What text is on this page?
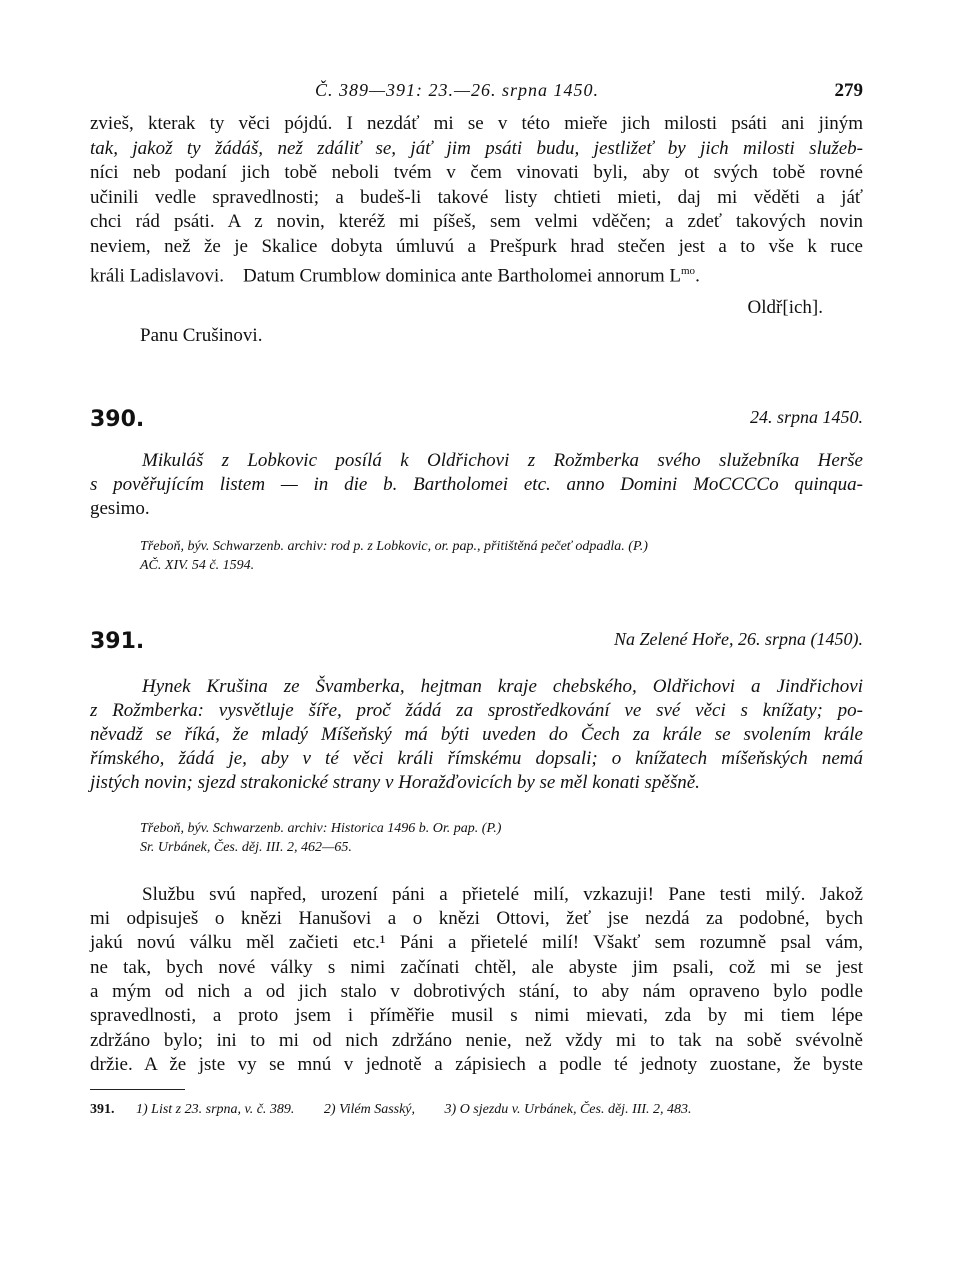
Č. 389—391: 23.—26. srpna 1450.	279
zvieš, kterak ty věci pójdú. I nezdáť mi se v této mieře jich milosti psáti ani jiným
tak, jakož ty žádáš, než zdáliť se, jáť jim psáti budu, jestližeť by jich milosti služeb-
níci neb podaní jich tobě neboli tvém v čem vinovati byli, aby ot svých tobě rovné
učinili vedle spravedlnosti; a budeš-li takové listy chtieti mieti, daj mi věděti a jáť
chci rád psáti. A z novin, kteréž mi píšeš, sem velmi vděčen; a zdeť takových novin
neviem, než že je Skalice dobyta úmluvú a Prešpurk hrad stečen jest a to vše k ruce
králi Ladislavovi.    Datum Crumblow dominica ante Bartholomei annorum $L^{mo}$.
Oldř[ich].
Panu Crušinovi.
390.	24. srpna 1450.
Mikuláš z Lobkovic posílá k Oldřichovi z Rožmberka svého služebníka Herše
s pověřujícím listem — in die b. Bartholomei etc. anno Domini MoCCCCo quinqua-
gesimo.
Třeboň, býv. Schwarzenb. archiv: rod p. z Lobkovic, or. pap., přitištěná pečeť odpadla. (P.)
AČ. XIV. 54 č. 1594.
391.	Na Zelené Hoře, 26. srpna (1450).
Hynek Krušina ze Švamberka, hejtman kraje chebského, Oldřichovi a Jindřichovi
z Rožmberka: vysvětluje šíře, proč žádá za sprostředkování ve své věci s knížaty; po-
něvadž se říká, že mladý Míšeňský má býti uveden do Čech za krále se svolením krále
římského, žádá je, aby v té věci králi římskému dopsali; o knížatech míšeňských nemá
jistých novin; sjezd strakonické strany v Horažďovicích by se měl konati spěšně.
Třeboň, býv. Schwarzenb. archiv: Historica 1496 b. Or. pap. (P.)
Sr. Urbánek, Čes. děj. III. 2, 462—65.
Službu svú napřed, urození páni a přietelé milí, vzkazuji! Pane testi milý. Jakož
mi odpisuješ o knězi Hanušovi a o knězi Ottovi, žeť jse nezdá za podobné, bych
jakú novú válku měl začieti etc.¹ Páni a přietelé milí! Všakť sem rozumně psal vám,
ne tak, bych nové války s nimi začínati chtěl, ale abyste jim psali, což mi se jest
a mým od nich a od jich stalo v dobrotivých stání, to aby nám opraveno bylo podle
spravedlnosti, a proto jsem i příměřie musil s nimi mievati, zda by mi tiem lépe
zdržáno bylo; ini to mi od nich zdržáno nenie, než vždy mi to tak na sobě svévolně
držie. A že jste vy se mnú v jednotě a zápisiech a podle té jednoty zuostane, že byste
391. 1) List z 23. srpna, v. č. 389. 2) Vilém Sasský, 3) O sjezdu v. Urbánek, Čes. děj. III. 2, 483.
